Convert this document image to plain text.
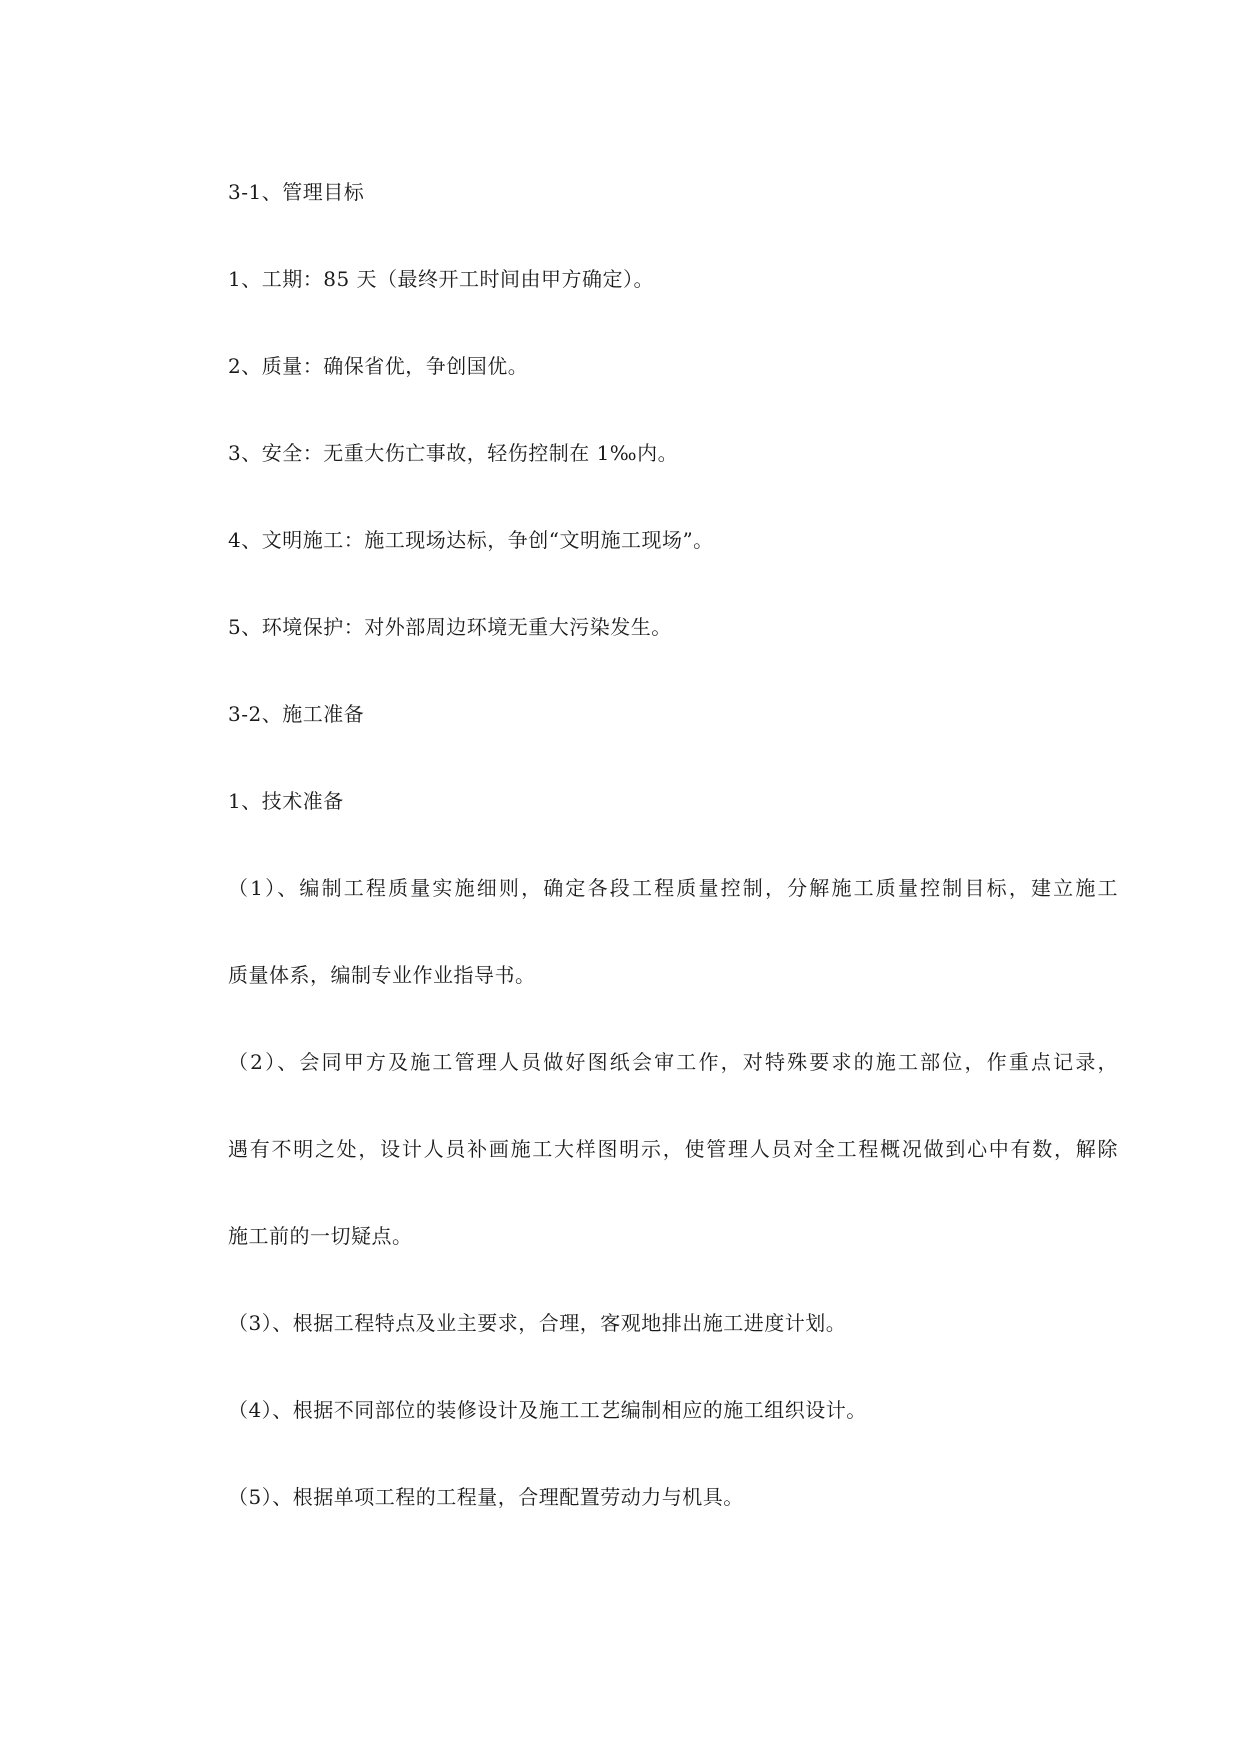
3-1、管理目标
1、工期：85 天（最终开工时间由甲方确定）。
2、质量：确保省优，争创国优。
3、安全：无重大伤亡事故，轻伤控制在 1‰内。
4、文明施工：施工现场达标，争创“文明施工现场”。
5、环境保护：对外部周边环境无重大污染发生。
3-2、施工准备
1、技术准备
（1）、编制工程质量实施细则，确定各段工程质量控制，分解施工质量控制目标，建立施工
质量体系，编制专业作业指导书。
（2）、会同甲方及施工管理人员做好图纸会审工作，对特殊要求的施工部位，作重点记录，
遇有不明之处，设计人员补画施工大样图明示，使管理人员对全工程概况做到心中有数，解除
施工前的一切疑点。
（3）、根据工程特点及业主要求，合理，客观地排出施工进度计划。
（4）、根据不同部位的装修设计及施工工艺编制相应的施工组织设计。
（5）、根据单项工程的工程量，合理配置劳动力与机具。
